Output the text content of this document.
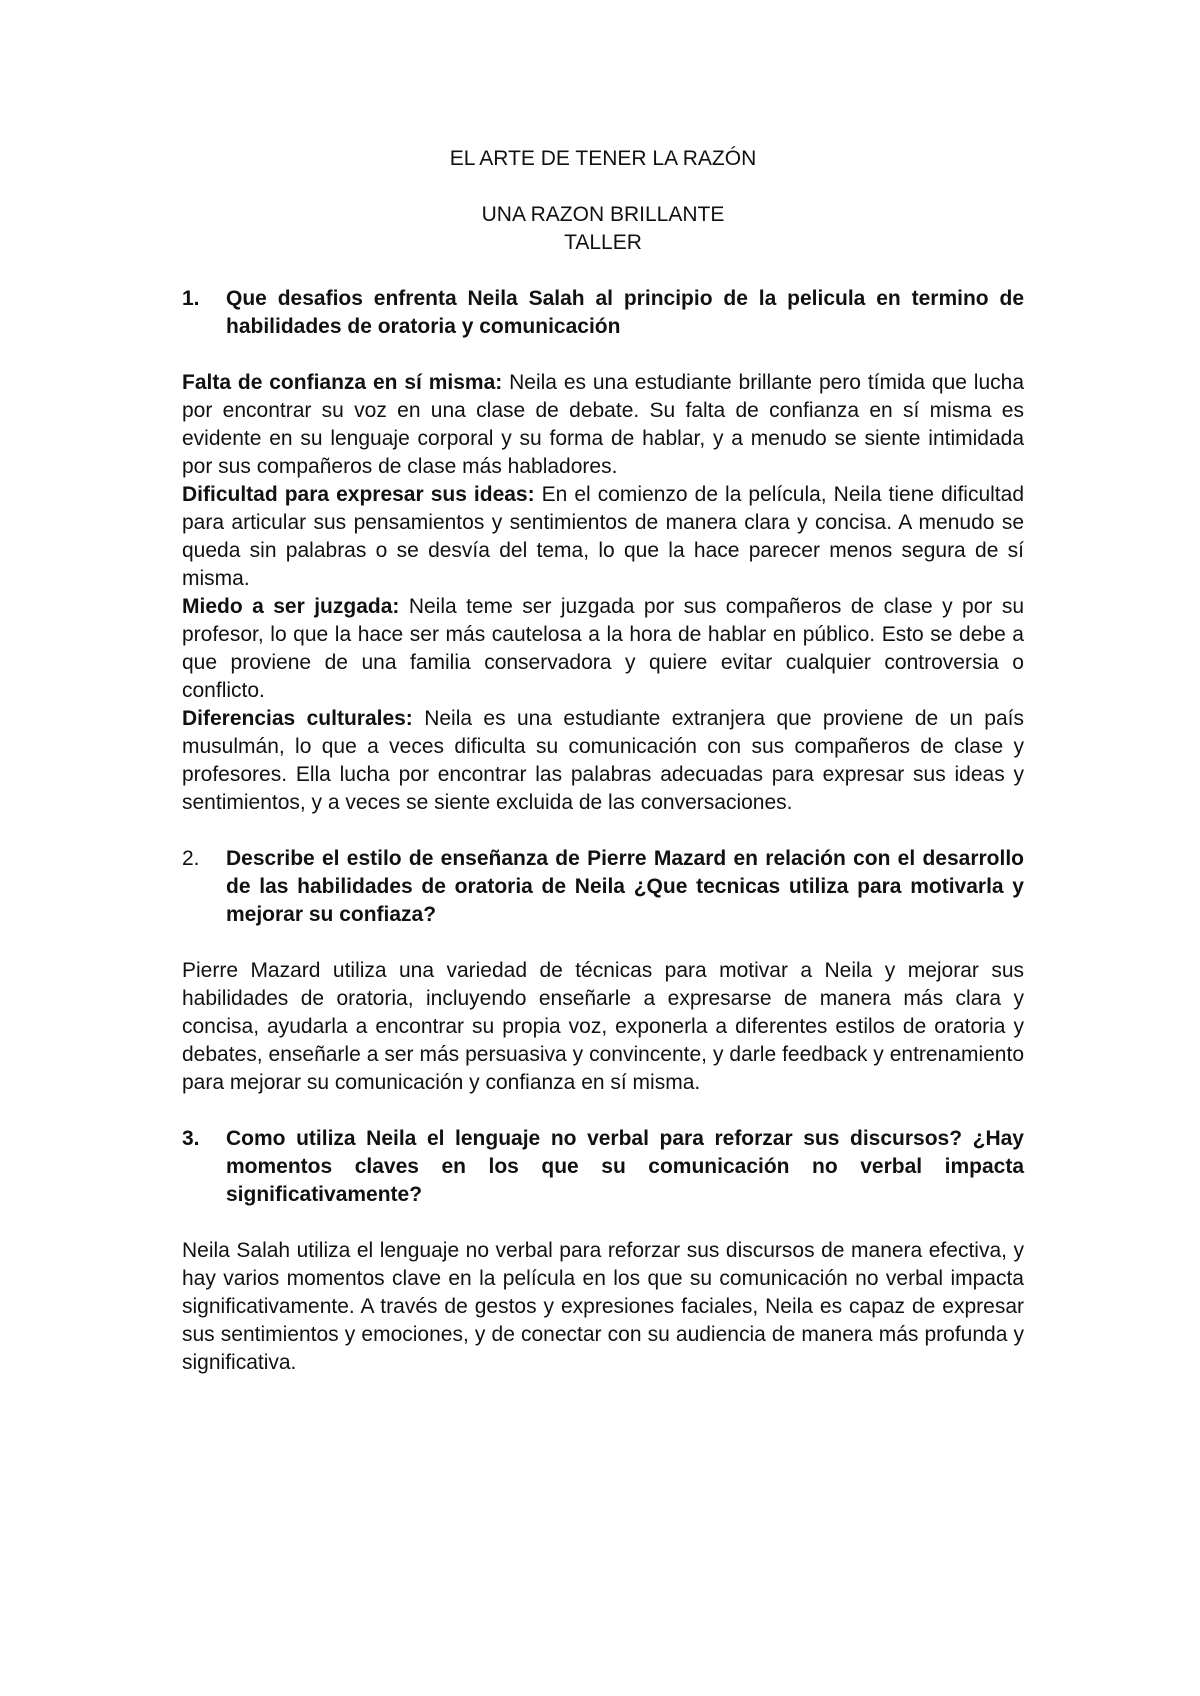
EL ARTE DE TENER LA RAZÓN
UNA RAZON BRILLANTE
TALLER
1.	Que desafios enfrenta Neila Salah al principio de la pelicula en termino de habilidades de oratoria y comunicación

Falta de confianza en sí misma: Neila es una estudiante brillante pero tímida que lucha por encontrar su voz en una clase de debate. Su falta de confianza en sí misma es evidente en su lenguaje corporal y su forma de hablar, y a menudo se siente intimidada por sus compañeros de clase más habladores.

Dificultad para expresar sus ideas: En el comienzo de la película, Neila tiene dificultad para articular sus pensamientos y sentimientos de manera clara y concisa. A menudo se queda sin palabras o se desvía del tema, lo que la hace parecer menos segura de sí misma.

Miedo a ser juzgada: Neila teme ser juzgada por sus compañeros de clase y por su profesor, lo que la hace ser más cautelosa a la hora de hablar en público. Esto se debe a que proviene de una familia conservadora y quiere evitar cualquier controversia o conflicto.

Diferencias culturales: Neila es una estudiante extranjera que proviene de un país musulmán, lo que a veces dificulta su comunicación con sus compañeros de clase y profesores. Ella lucha por encontrar las palabras adecuadas para expresar sus ideas y sentimientos, y a veces se siente excluida de las conversaciones.

2.	Describe el estilo de enseñanza de Pierre Mazard en relación con el desarrollo de las habilidades de oratoria de Neila ¿Que tecnicas utiliza para motivarla y mejorar su confiaza?

Pierre Mazard utiliza una variedad de técnicas para motivar a Neila y mejorar sus habilidades de oratoria, incluyendo enseñarle a expresarse de manera más clara y concisa, ayudarla a encontrar su propia voz, exponerla a diferentes estilos de oratoria y debates, enseñarle a ser más persuasiva y convincente, y darle feedback y entrenamiento para mejorar su comunicación y confianza en sí misma.

3.	Como utiliza Neila el lenguaje no verbal para reforzar sus discursos? ¿Hay momentos claves en los que su comunicación no verbal impacta significativamente?

Neila Salah utiliza el lenguaje no verbal para reforzar sus discursos de manera efectiva, y hay varios momentos clave en la película en los que su comunicación no verbal impacta significativamente. A través de gestos y expresiones faciales, Neila es capaz de expresar sus sentimientos y emociones, y de conectar con su audiencia de manera más profunda y significativa.
